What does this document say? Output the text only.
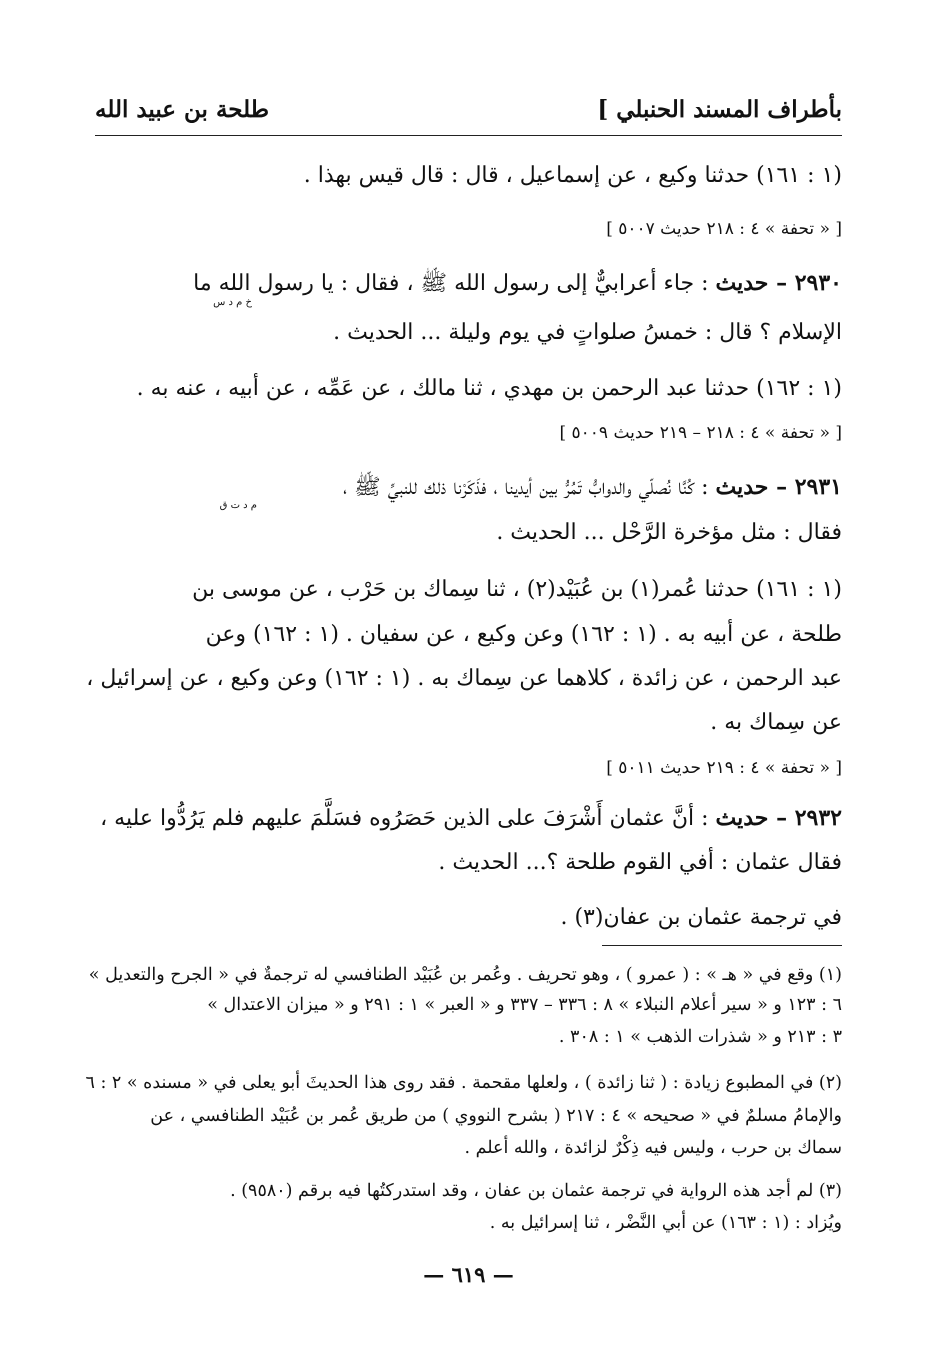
بأطراف المسند الحنبلي ]
طلحة بن عبيد الله
(١ : ١٦١) حدثنا وكيع ، عن إسماعيل ، قال : قال قيس بهذا .
[ « تحفة » ٤ : ٢١٨ حديث ٥٠٠٧ ]
٢٩٣٠ – حديث : جاء أعرابيٌّ إلى رسول الله ﷺ ، فقال : يا رسول الله ما
خ م د س
الإسلام ؟ قال : خمسُ صلواتٍ في يوم وليلة ... الحديث .
(١ : ١٦٢) حدثنا عبد الرحمن بن مهدي ، ثنا مالك ، عن عَمِّه ، عن أبيه ، عنه به .
[ « تحفة » ٤ : ٢١٨ – ٢١٩ حديث ٥٠٠٩ ]
٢٩٣١ – حديث : كُنَّا نُصلّي والدوابُّ تَمُرُّ بين أيدينا ، فذَكَرْنا ذلك للنبيِّ ﷺ ،
م د ت ق
فقال : مثل مؤخرة الرَّحْل ... الحديث .
(١ : ١٦١) حدثنا عُمر(١) بن عُبَيْد(٢) ، ثنا سِماك بن حَرْب ، عن موسى بن
طلحة ، عن أبيه به . (١ : ١٦٢) وعن وكيع ، عن سفيان . (١ : ١٦٢) وعن
عبد الرحمن ، عن زائدة ، كلاهما عن سِماك به . (١ : ١٦٢) وعن وكيع ، عن إسرائيل ،
عن سِماك به .
[ « تحفة » ٤ : ٢١٩ حديث ٥٠١١ ]
٢٩٣٢ – حديث : أنَّ عثمان أَشْرَفَ على الذين حَصَرُوه فسَلَّمَ عليهم فلم يَرُدُّوا عليه ،
فقال عثمان : أفي القوم طلحة ؟... الحديث .
في ترجمة عثمان بن عفان(٣) .
(١) وقع في « هـ » : ( عمرو ) ، وهو تحريف . وعُمر بن عُبَيْد الطنافسي له ترجمةٌ في « الجرح والتعديل »
٦ : ١٢٣ و « سير أعلام النبلاء » ٨ : ٣٣٦ – ٣٣٧ و « العبر » ١ : ٢٩١ و « ميزان الاعتدال »
٣ : ٢١٣ و « شذرات الذهب » ١ : ٣٠٨ .
(٢) في المطبوع زيادة : ( ثنا زائدة ) ، ولعلها مقحمة . فقد روى هذا الحديثَ أبو يعلى في « مسنده » ٢ : ٦
والإمامُ مسلمٌ في « صحيحه » ٤ : ٢١٧ ( بشرح النووي ) من طريق عُمر بن عُبَيْد الطنافسي ، عن
سماك بن حرب ، وليس فيه ذِكْرٌ لزائدة ، والله أعلم .
(٣) لم أجد هذه الرواية في ترجمة عثمان بن عفان ، وقد استدركتُها فيه برقم (٩٥٨٠) .
ويُزاد : (١ : ١٦٣) عن أبي النَّضْر ، ثنا إسرائيل به .
— ٦١٩ —
